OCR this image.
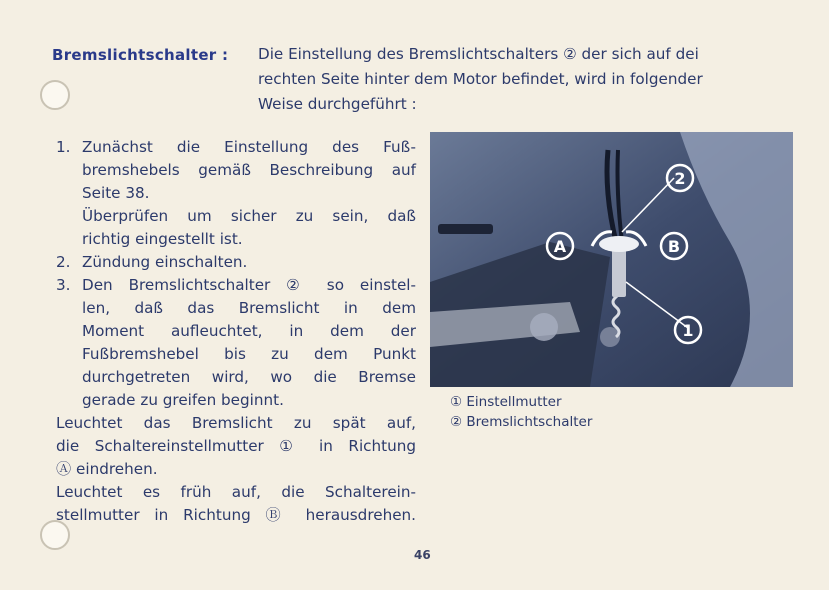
Bremslichtschalter : Die Einstellung des Bremslichtschalters ② der sich auf dei
rechten Seite hinter dem Motor befindet, wird in folgender
Weise durchgeführt :
1. Zunächst die Einstellung des Fuß-
bremshebels gemäß Beschreibung auf
Seite 38.
Überprüfen um sicher zu sein, daß
richtig eingestellt ist.
2. Zündung einschalten.
3. Den Bremslichtschalter ② so einstel-
len, daß das Bremslicht in dem
Moment aufleuchtet, in dem der
Fußbremshebel bis zu dem Punkt
durchgetreten wird, wo die Bremse
gerade zu greifen beginnt.
Leuchtet das Bremslicht zu spät auf,
die Schaltereinstellmutter ① in Richtung
Ⓐ eindrehen.
Leuchtet es früh auf, die Schalterein-
stellmutter in Richtung Ⓑ herausdrehen.
A	B
2
1
① Einstellmutter
② Bremslichtschalter
46
